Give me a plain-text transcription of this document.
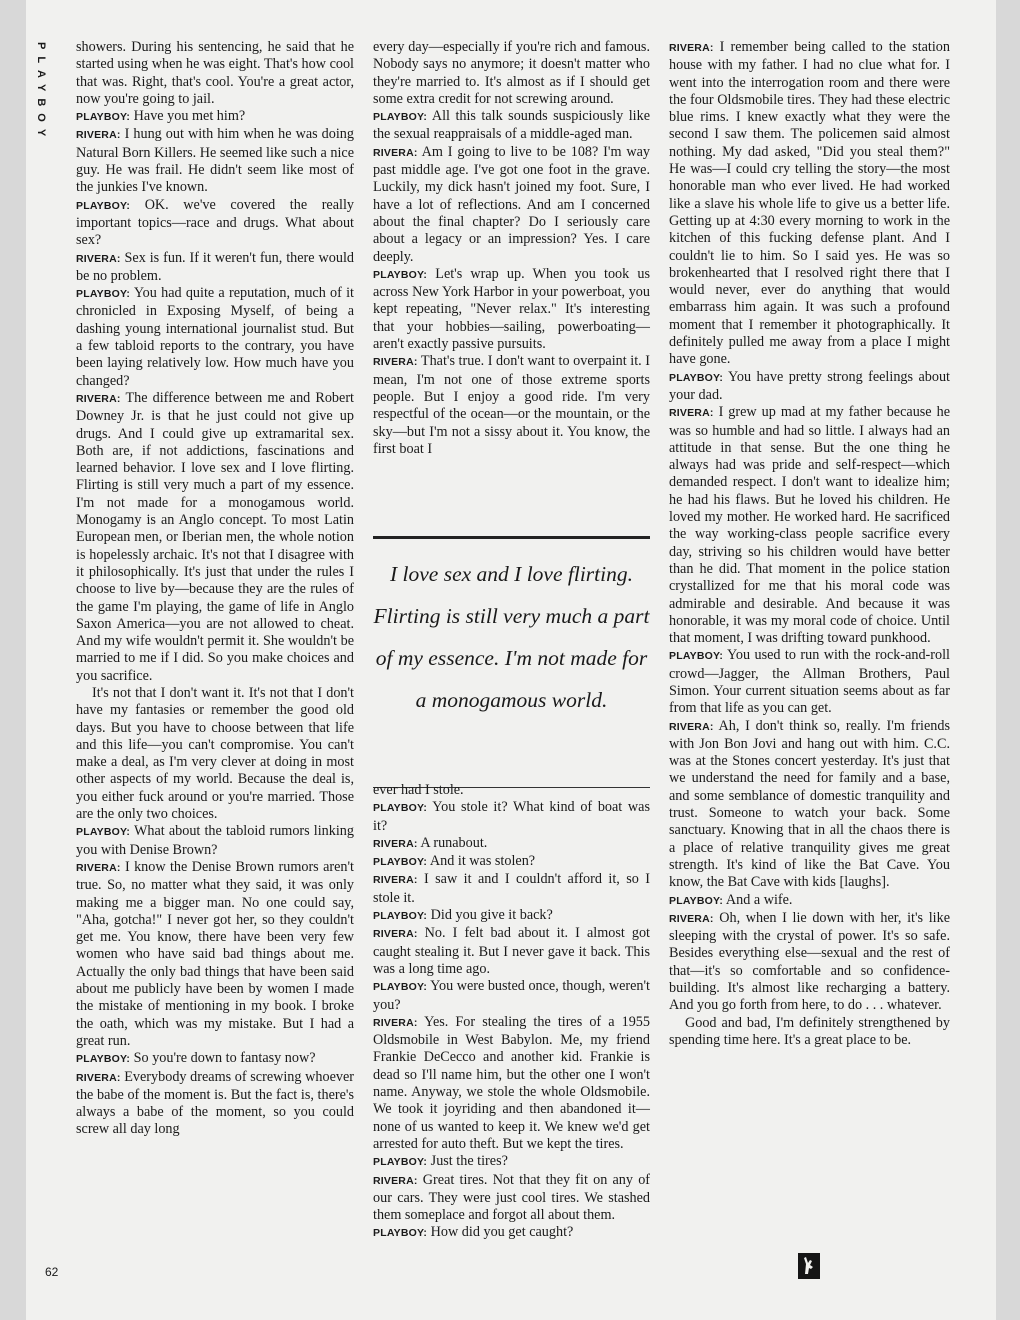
PLAYBOY showers. During his sentencing, he said that he started using when he was eight. That's how cool that was. Right, that's cool. You're a great actor, now you're going to jail.

PLAYBOY: Have you met him?

RIVERA: I hung out with him when he was doing Natural Born Killers. He seemed like such a nice guy. He was frail. He didn't seem like most of the junkies I've known.

PLAYBOY: OK. we've covered the really important topics—race and drugs. What about sex?

RIVERA: Sex is fun. If it weren't fun, there would be no problem.

PLAYBOY: You had quite a reputation, much of it chronicled in Exposing Myself, of being a dashing young international journalist stud. But a few tabloid reports to the contrary, you have been laying relatively low. How much have you changed?

RIVERA: The difference between me and Robert Downey Jr. is that he just could not give up drugs. And I could give up extramarital sex. Both are, if not addictions, fascinations and learned behavior. I love sex and I love flirting. Flirting is still very much a part of my essence. I'm not made for a monogamous world. Monogamy is an Anglo concept. To most Latin European men, or Iberian men, the whole notion is hopelessly archaic. It's not that I disagree with it philosophically. It's just that under the rules I choose to live by—because they are the rules of the game I'm playing, the game of life in Anglo Saxon America—you are not allowed to cheat. And my wife wouldn't permit it. She wouldn't be married to me if I did. So you make choices and you sacrifice.

It's not that I don't want it. It's not that I don't have my fantasies or remember the good old days. But you have to choose between that life and this life—you can't compromise. You can't make a deal, as I'm very clever at doing in most other aspects of my world. Because the deal is, you either fuck around or you're married. Those are the only two choices.

PLAYBOY: What about the tabloid rumors linking you with Denise Brown?

RIVERA: I know the Denise Brown rumors aren't true. So, no matter what they said, it was only making me a bigger man. No one could say, "Aha, gotcha!" I never got her, so they couldn't get me. You know, there have been very few women who have said bad things about me. Actually the only bad things that have been said about me publicly have been by women I made the mistake of mentioning in my book. I broke the oath, which was my mistake. But I had a great run.

PLAYBOY: So you're down to fantasy now?

RIVERA: Everybody dreams of screwing whoever the babe of the moment is. But the fact is, there's always a babe of the moment, so you could screw all day long

every day—especially if you're rich and famous. Nobody says no anymore; it doesn't matter who they're married to. It's almost as if I should get some extra credit for not screwing around.

PLAYBOY: All this talk sounds suspiciously like the sexual reappraisals of a middle-aged man.

RIVERA: Am I going to live to be 108? I'm way past middle age. I've got one foot in the grave. Luckily, my dick hasn't joined my foot. Sure, I have a lot of reflections. And am I concerned about the final chapter? Do I seriously care about a legacy or an impression? Yes. I care deeply.

PLAYBOY: Let's wrap up. When you took us across New York Harbor in your powerboat, you kept repeating, "Never relax." It's interesting that your hobbies—sailing, powerboating—aren't exactly passive pursuits.

RIVERA: That's true. I don't want to overpaint it. I mean, I'm not one of those extreme sports people. But I enjoy a good ride. I'm very respectful of the ocean—or the mountain, or the sky—but I'm not a sissy about it. You know, the first boat I

I love sex and I love flirting. Flirting is still very much a part of my essence. I'm not made for a monogamous world.

ever had I stole.

PLAYBOY: You stole it? What kind of boat was it?

RIVERA: A runabout.

PLAYBOY: And it was stolen?

RIVERA: I saw it and I couldn't afford it, so I stole it.

PLAYBOY: Did you give it back?

RIVERA: No. I felt bad about it. I almost got caught stealing it. But I never gave it back. This was a long time ago.

PLAYBOY: You were busted once, though, weren't you?

RIVERA: Yes. For stealing the tires of a 1955 Oldsmobile in West Babylon. Me, my friend Frankie DeCecco and another kid. Frankie is dead so I'll name him, but the other one I won't name. Anyway, we stole the whole Oldsmobile. We took it joyriding and then abandoned it—none of us wanted to keep it. We knew we'd get arrested for auto theft. But we kept the tires.

PLAYBOY: Just the tires?

RIVERA: Great tires. Not that they fit on any of our cars. They were just cool tires. We stashed them someplace and forgot all about them.

PLAYBOY: How did you get caught?

RIVERA: I remember being called to the station house with my father. I had no clue what for. I went into the interrogation room and there were the four Oldsmobile tires. They had these electric blue rims. I knew exactly what they were the second I saw them. The policemen said almost nothing. My dad asked, "Did you steal them?" He was—I could cry telling the story—the most honorable man who ever lived. He had worked like a slave his whole life to give us a better life. Getting up at 4:30 every morning to work in the kitchen of this fucking defense plant. And I couldn't lie to him. So I said yes. He was so brokenhearted that I resolved right there that I would never, ever do anything that would embarrass him again. It was such a profound moment that I remember it photographically. It definitely pulled me away from a place I might have gone.

PLAYBOY: You have pretty strong feelings about your dad.

RIVERA: I grew up mad at my father because he was so humble and had so little. I always had an attitude in that sense. But the one thing he always had was pride and self-respect—which demanded respect. I don't want to idealize him; he had his flaws. But he loved his children. He loved my mother. He worked hard. He sacrificed the way working-class people sacrifice every day, striving so his children would have better than he did. That moment in the police station crystallized for me that his moral code was admirable and desirable. And because it was honorable, it was my moral code of choice. Until that moment, I was drifting toward punkhood.

PLAYBOY: You used to run with the rock-and-roll crowd—Jagger, the Allman Brothers, Paul Simon. Your current situation seems about as far from that life as you can get.

RIVERA: Ah, I don't think so, really. I'm friends with Jon Bon Jovi and hang out with him. C.C. was at the Stones concert yesterday. It's just that we understand the need for family and a base, and some semblance of domestic tranquility and trust. Someone to watch your back. Some sanctuary. Knowing that in all the chaos there is a place of relative tranquility gives me great strength. It's kind of like the Bat Cave. You know, the Bat Cave with kids [laughs].

PLAYBOY: And a wife.

RIVERA: Oh, when I lie down with her, it's like sleeping with the crystal of power. It's so safe. Besides everything else—sexual and the rest of that—it's so comfortable and so confidence-building. It's almost like recharging a battery. And you go forth from here, to do . . . whatever.

Good and bad, I'm definitely strengthened by spending time here. It's a great place to be.

62
